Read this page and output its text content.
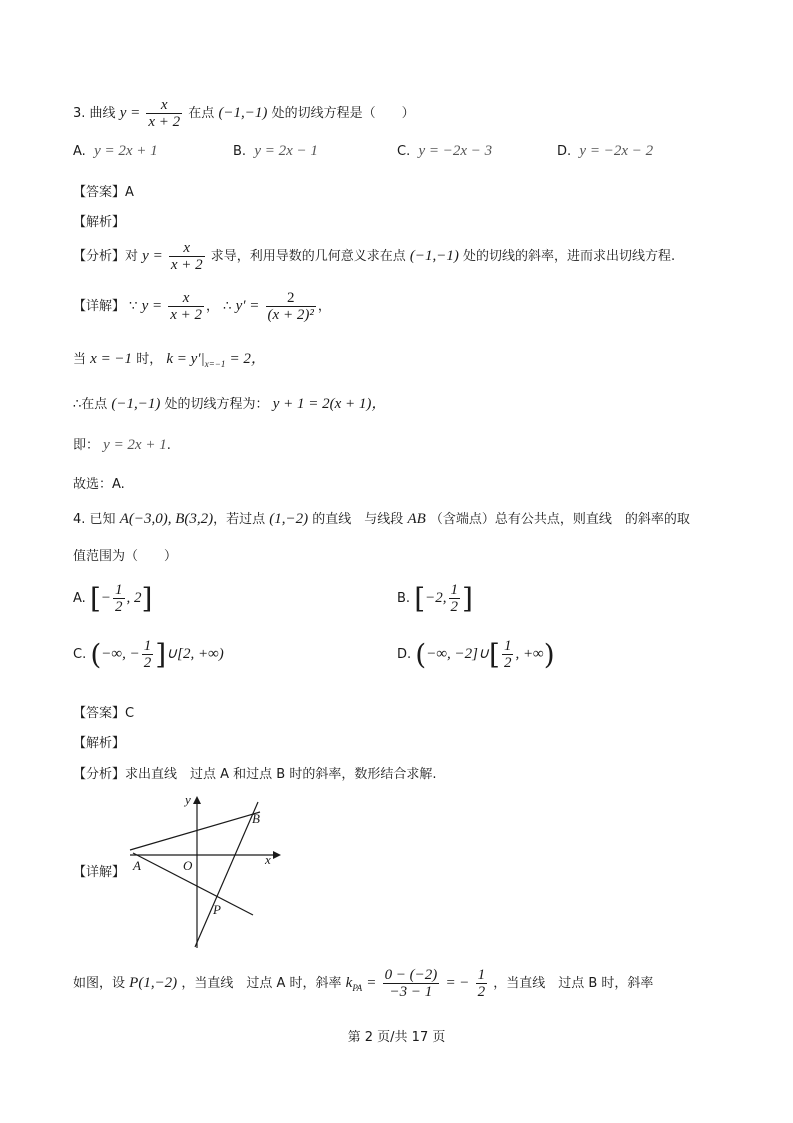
3. 曲线 $y = \frac{x}{x + 2}$ 在点 (−1,−1) 处的切线方程是（　　）
A. y = 2x + 1	B. y = 2x − 1	C. y = −2x − 3	D. y = −2x − 2
【答案】A
【解析】
【分析】对 $y = \frac{x}{x + 2}$ 求导，利用导数的几何意义求在点 (−1,−1) 处的切线的斜率，进而求出切线方程.
【详解】 ∵ $y = \frac{x}{x + 2}$ ， ∴ $y' = \frac{2}{\text{(x + 2)²}}$ ，
当 x = −1 时， $k = y'|_{x=-1} = 2$，
∴在点 (−1,−1) 处的切线方程为： y + 1 = 2(x + 1)，
即： y = 2x + 1.
故选：A.
4. 已知 A(−3,0), B(3,2)，若过点 (1,−2) 的直线　与线段 AB （含端点）总有公共点，则直线　的斜率的取
值范围为（　　）
A. [− $\frac{1}{2}$ , 2]	B. [−2, $\frac{1}{2}$ ]
C. (−∞, − $\frac{1}{2}$ ]∪[2, +∞)	D. (−∞, −2]∪[ $\frac{1}{2}$ , +∞)
【答案】C
【解析】
【分析】求出直线　过点 A 和过点 B 时的斜率，数形结合求解.
【详解】
y
x
O
A
B
P
如图，设 P(1,−2) ，当直线　过点 A 时，斜率 $k_{PA} = \frac{0 - (-2)}{-3 - 1}$ = − $\frac{1}{2}$ ，当直线　过点 B 时，斜率
第 2 页/共 17 页
